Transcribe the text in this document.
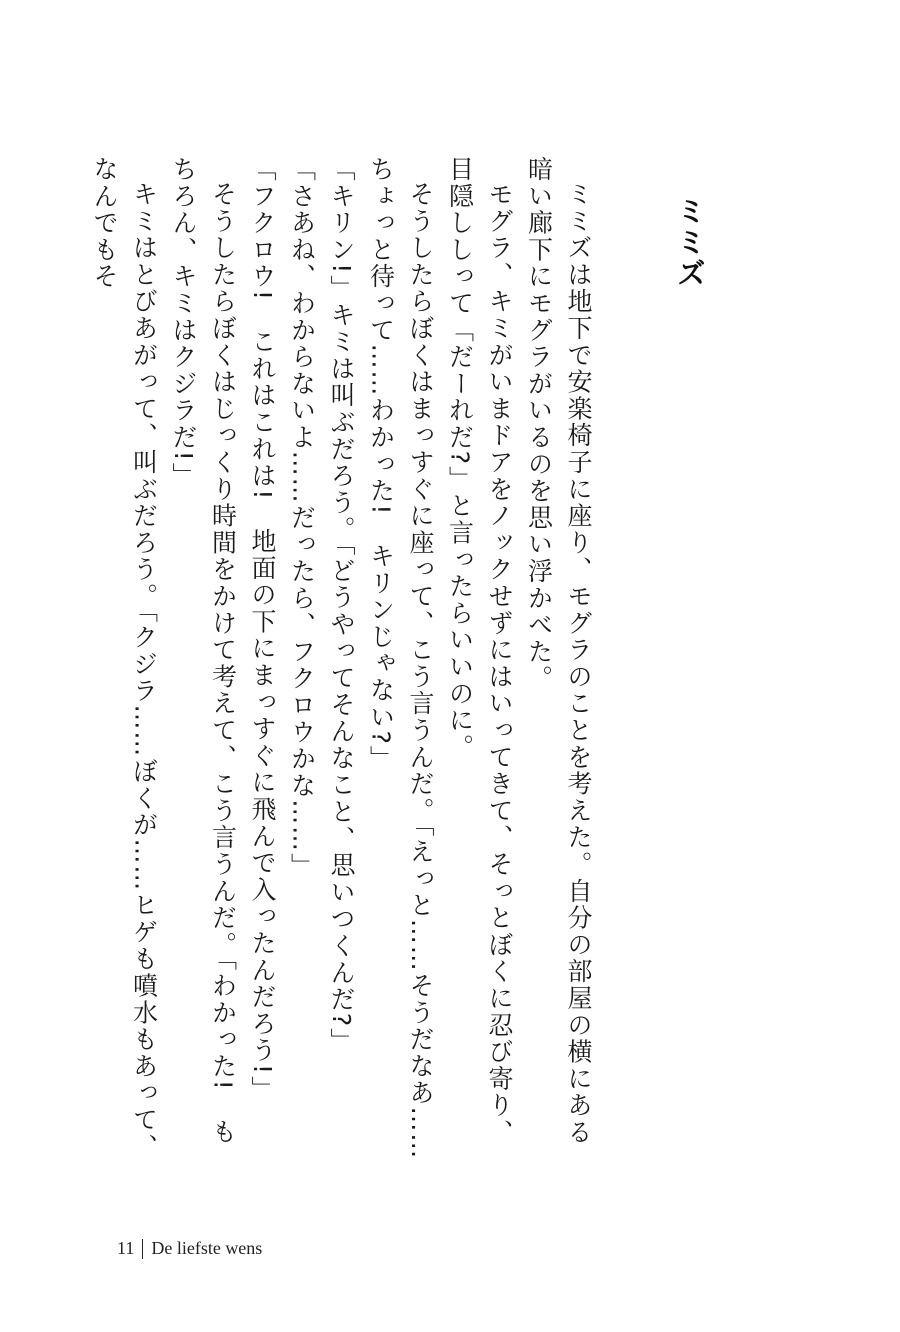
ミミズ

ミミズは地下で安楽椅子に座り、モグラのことを考えた。自分の部屋の横にある暗い廊下にモグラがいるのを思い浮かべた。

モグラ、キミがいまドアをノックせずにはいってきて、そっとぼくに忍び寄り、目隠ししって「だーれだ?」と言ったらいいのに。

そうしたらぼくはまっすぐに座って、こう言うんだ。「えっと……そうだなあ……ちょっと待って……わかった!　キリンじゃない?」

「キリン!」キミは叫ぶだろう。「どうやってそんなこと、思いつくんだ?」

「さあね、わからないよ……だったら、フクロウかな……」

「フクロウ!　これはこれは!　地面の下にまっすぐに飛んで入ったんだろう!」

そうしたらぼくはじっくり時間をかけて考えて、こう言うんだ。「わかった!　もちろん、キミはクジラだ!」

キミはとびあがって、叫ぶだろう。「クジラ……ぼくが……ヒゲも噴水もあって、なんでもそ

11 De liefste wens
